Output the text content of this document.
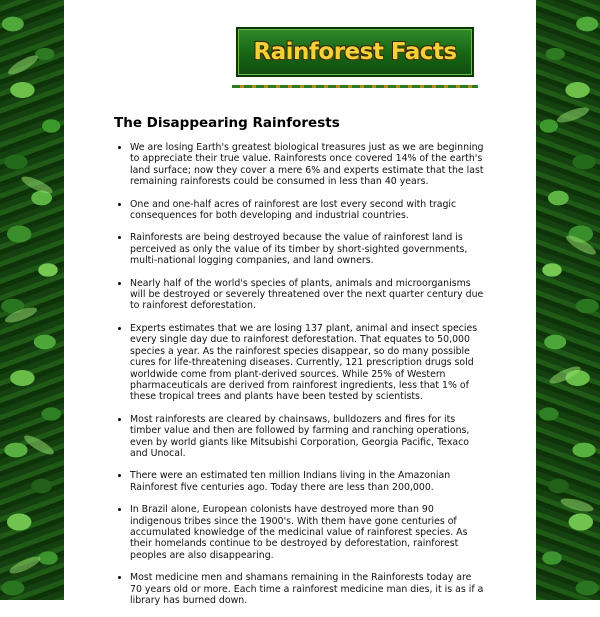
Rainforest Facts
The Disappearing Rainforests
• We are losing Earth's greatest biological treasures just as we are beginning to appreciate their true value. Rainforests once covered 14% of the earth's land surface; now they cover a mere 6% and experts estimate that the last remaining rainforests could be consumed in less than 40 years.
• One and one-half acres of rainforest are lost every second with tragic consequences for both developing and industrial countries.
• Rainforests are being destroyed because the value of rainforest land is perceived as only the value of its timber by short-sighted governments, multi-national logging companies, and land owners.
• Nearly half of the world's species of plants, animals and microorganisms will be destroyed or severely threatened over the next quarter century due to rainforest deforestation.
• Experts estimates that we are losing 137 plant, animal and insect species every single day due to rainforest deforestation. That equates to 50,000 species a year. As the rainforest species disappear, so do many possible cures for life-threatening diseases. Currently, 121 prescription drugs sold worldwide come from plant-derived sources. While 25% of Western pharmaceuticals are derived from rainforest ingredients, less that 1% of these tropical trees and plants have been tested by scientists.
• Most rainforests are cleared by chainsaws, bulldozers and fires for its timber value and then are followed by farming and ranching operations, even by world giants like Mitsubishi Corporation, Georgia Pacific, Texaco and Unocal.
• There were an estimated ten million Indians living in the Amazonian Rainforest five centuries ago. Today there are less than 200,000.
• In Brazil alone, European colonists have destroyed more than 90 indigenous tribes since the 1900's. With them have gone centuries of accumulated knowledge of the medicinal value of rainforest species. As their homelands continue to be destroyed by deforestation, rainforest peoples are also disappearing.
• Most medicine men and shamans remaining in the Rainforests today are 70 years old or more. Each time a rainforest medicine man dies, it is as if a library has burned down.
